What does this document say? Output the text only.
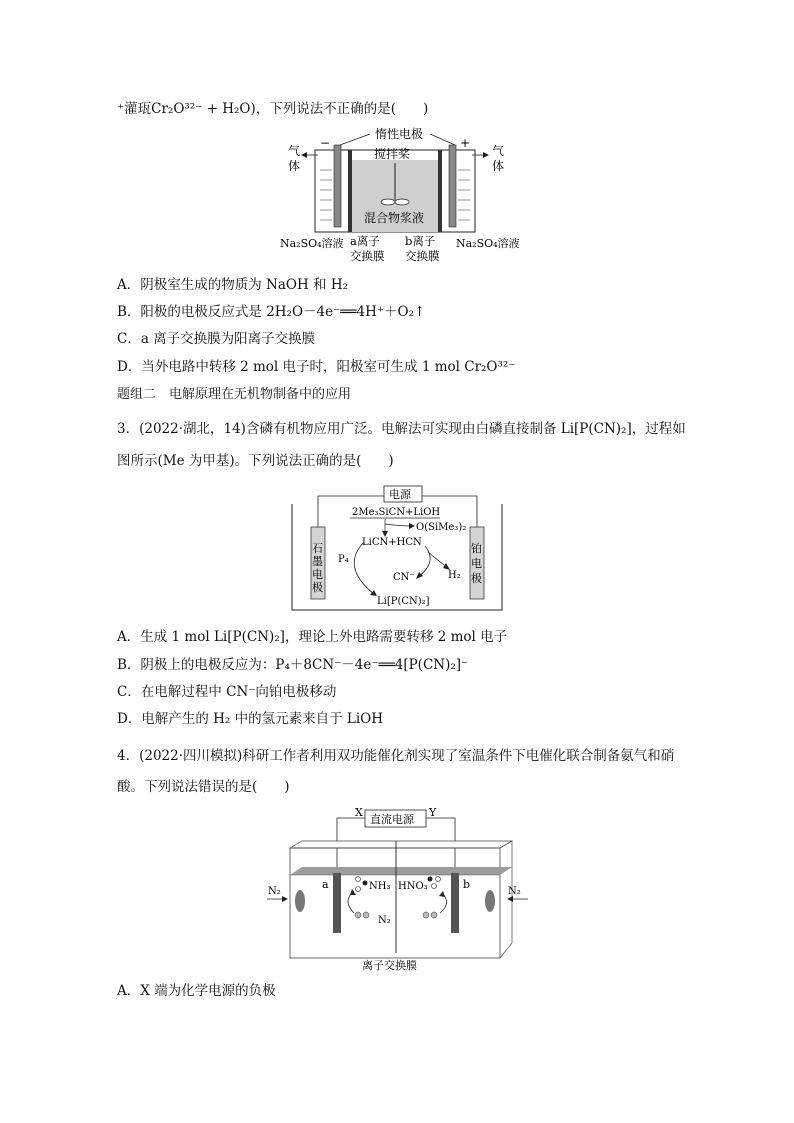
⁺灌珁Cr₂O³²⁻ + H₂O)，下列说法不正确的是(　　)
惰性电极
气
体
气
体
−	+
搅拌桨
混合物浆液
Na₂SO₄溶液 a离子
交换膜
b离子
交换膜
Na₂SO₄溶液
A．阴极室生成的物质为 NaOH 和 H₂
B．阳极的电极反应式是 2H₂O－4e⁻══4H⁺＋O₂↑
C．a 离子交换膜为阳离子交换膜
D．当外电路中转移 2 mol 电子时，阳极室可生成 1 mol Cr₂O³²⁻
题组二　电解原理在无机物制备中的应用
3．(2022·湖北，14)含磷有机物应用广泛。电解法可实现由白磷直接制备 Li[P(CN)₂]，过程如
图所示(Me 为甲基)。下列说法正确的是(　　)
电源
石
墨
电
极
铂
电
极
2Me₃SiCN+LiOH
O(SiMe₃)₂
LiCN+HCN
P₄
CN⁻	H₂
Li[P(CN)₂]
A．生成 1 mol Li[P(CN)₂]，理论上外电路需要转移 2 mol 电子
B．阴极上的电极反应为：P₄＋8CN⁻－4e⁻══4[P(CN)₂]⁻
C．在电解过程中 CN⁻向铂电极移动
D．电解产生的 H₂ 中的氢元素来自于 LiOH
4．(2022·四川模拟)科研工作者利用双功能催化剂实现了室温条件下电催化联合制备氨气和硝
酸。下列说法错误的是(　　)
X	Y
直流电源
a	b
N₂	N₂
NH₃
N₂
HNO₃
离子交换膜
A．X 端为化学电源的负极
